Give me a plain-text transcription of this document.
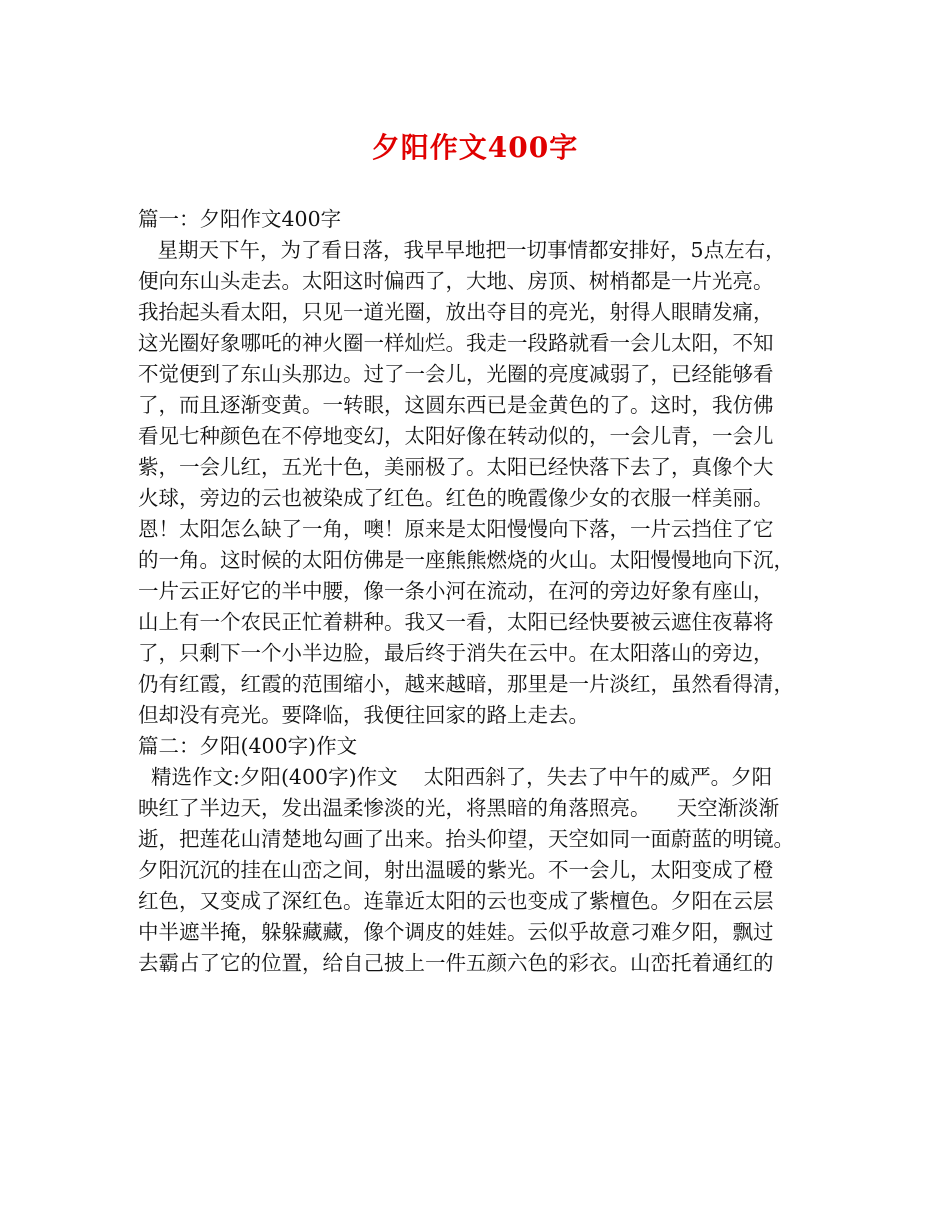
夕阳作文400字
篇一：夕阳作文400字
星期天下午，为了看日落，我早早地把一切事情都安排好，5点左右，
便向东山头走去。太阳这时偏西了，大地、房顶、树梢都是一片光亮。
我抬起头看太阳，只见一道光圈，放出夺目的亮光，射得人眼睛发痛，
这光圈好象哪吒的神火圈一样灿烂。我走一段路就看一会儿太阳，不知
不觉便到了东山头那边。过了一会儿，光圈的亮度减弱了，已经能够看
了，而且逐渐变黄。一转眼，这圆东西已是金黄色的了。这时，我仿佛
看见七种颜色在不停地变幻，太阳好像在转动似的，一会儿青，一会儿
紫，一会儿红，五光十色，美丽极了。太阳已经快落下去了，真像个大
火球，旁边的云也被染成了红色。红色的晚霞像少女的衣服一样美丽。
恩！太阳怎么缺了一角，噢！原来是太阳慢慢向下落，一片云挡住了它
的一角。这时候的太阳仿佛是一座熊熊燃烧的火山。太阳慢慢地向下沉，
一片云正好它的半中腰，像一条小河在流动，在河的旁边好象有座山，
山上有一个农民正忙着耕种。我又一看，太阳已经快要被云遮住夜幕将
了，只剩下一个小半边脸，最后终于消失在云中。在太阳落山的旁边，
仍有红霞，红霞的范围缩小，越来越暗，那里是一片淡红，虽然看得清，
但却没有亮光。要降临，我便往回家的路上走去。
篇二：夕阳(400字)作文
精选作文:夕阳(400字)作文    太阳西斜了，失去了中午的威严。夕阳
映红了半边天，发出温柔惨淡的光，将黑暗的角落照亮。    天空渐淡渐
逝，把莲花山清楚地勾画了出来。抬头仰望，天空如同一面蔚蓝的明镜。
夕阳沉沉的挂在山峦之间，射出温暖的紫光。不一会儿，太阳变成了橙
红色，又变成了深红色。连靠近太阳的云也变成了紫檀色。夕阳在云层
中半遮半掩，躲躲藏藏，像个调皮的娃娃。云似乎故意刁难夕阳，飘过
去霸占了它的位置，给自己披上一件五颜六色的彩衣。山峦托着通红的
